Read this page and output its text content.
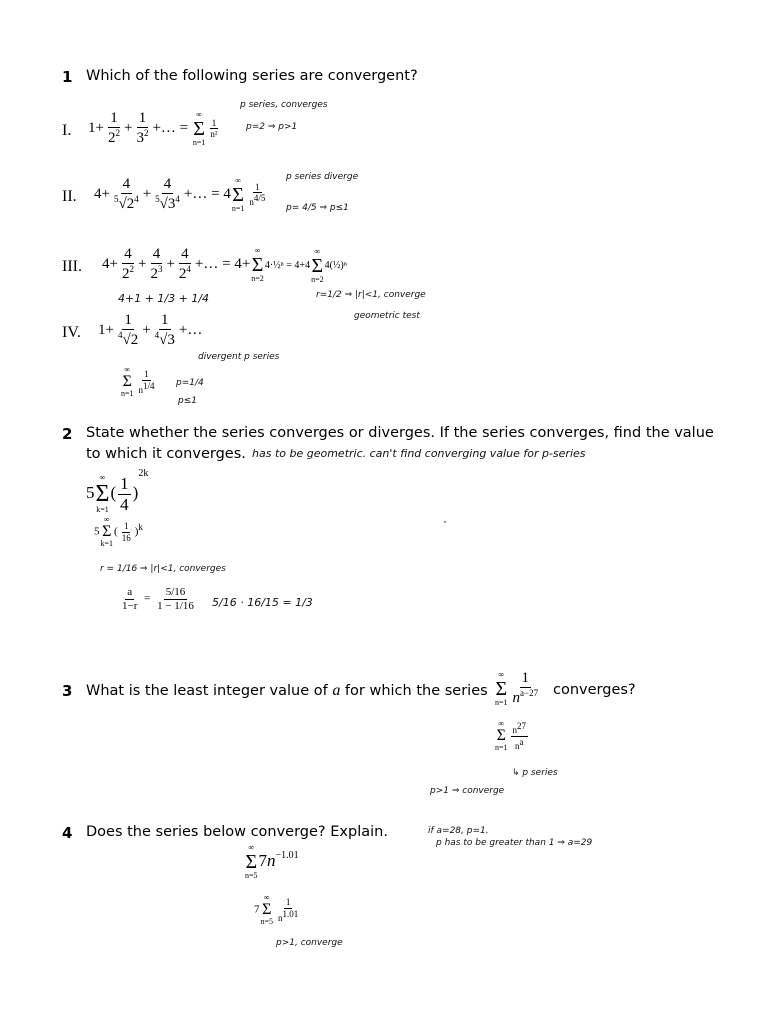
1 Which of the following series are convergent?
I. $1+ \frac{1}{2^2} + \frac{1}{3^2}$ +… =
∞
Σ
n=1
$\frac{1}{\text{n²}}$
p series, converges
p=2 ⇒ p>1
II. $4+ \frac{4}{^5√2^4} + \frac{4}{^5√3^4}$ +… = 4
∞
Σ
n=1
$\frac{1}{n^{4/5}}$
p series diverge
p= 4/5 ⇒ p≤1
III. $4+ \frac{4}{2^2} + \frac{4}{2^3} + \frac{4}{2^4}$ +… = 4+
∞
Σ
n=2
4·½ⁿ = 4+4
∞
Σ
n=2
4(½)ⁿ
4+1 + 1/3 + 1/4	r=1/2 ⇒ |r|<1, converge
geometric test
IV. $1+ \frac{1}{^4√2} + \frac{1}{^4√3}$ +…
divergent p series
∞
Σ
$n=1 \frac{1}{n^{1/4}} p=1/4$
p≤1
2 State whether the series converges or diverges. If the series converges, find the value
to which it converges. has to be geometric. can't find converging value for p-series
5
∞
Σ
k=1
( $\frac{1}{4} )^{2k}$
5
∞
Σ
k=1
( $\frac{1}{16} )^k$
r = 1/16 ⇒ |r|<1, converges
$\frac{a}{1-r} = \frac{5/16}{1 - 1/16} 5/16 \cdot 16/15 = 1/3$
3 What is the least integer value of a for which the series
∞
Σ
$n=1 \frac{1}{n^{a-27}}$ converges?
∞
Σ
$n=1 \frac{n^{27}}{n^a}$
↳ p series
p>1 ⇒ converge
if a=28, p=1.
p has to be greater than 1 ⇒ a=29
4 Does the series below converge? Explain.
∞
Σ
n=5
$7n^{-1.01}$
7
∞
Σ
$n=5 \frac{1}{n^{1.01}}$
p>1, converge
